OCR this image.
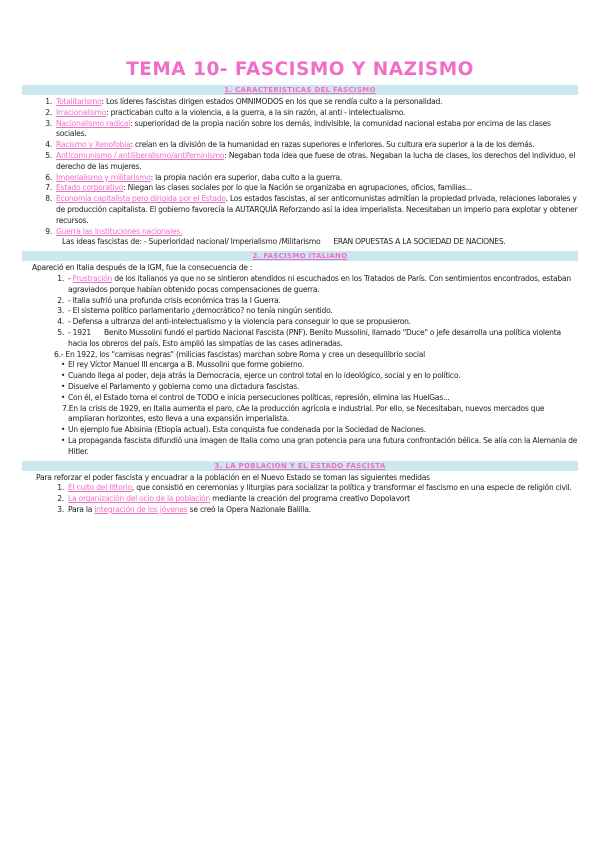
TEMA 10- FASCISMO Y NAZISMO
1. CARACTERISTICAS DEL FASCISMO
1. Totalitarismo: Los líderes fascistas dirigen estados OMNIMODOS en los que se rendía culto a la personalidad.
2. Irracionalismo: practicaban culto a la violencia, a la guerra, a la sin razón, al anti - intelectualismo.
3. Nacionalismo radical: superioridad de la propia nación sobre los demás, indivisible, la comunidad nacional estaba por encima de las clases sociales.
4. Racismo y Xenofobia: creían en la división de la humanidad en razas superiores e inferiores. Su cultura era superior a la de los demás.
5. Anticomunismo / antiliberalismo/antifeminismo: Negaban toda idea que fuese de otras. Negaban la lucha de clases, los derechos del individuo, el derecho de las mujeres.
6. Imperialismo y militarismo: la propia nación era superior, daba culto a la guerra.
7. Estado corporativo: Niegan las clases sociales por lo que la Nación se organizaba en agrupaciones, oficios, familias...
8. Economía capitalista pero dirigida por el Estado. Los estados fascistas, al ser anticomunistas admitían la propiedad privada, relaciones laborales y de producción capitalista. El gobierno favorecía la AUTARQUÍA Reforzando así la idea imperialista. Necesitaban un imperio para explotar y obtener recursos.
9. Guerra las instituciones nacionales.
Las ideas fascistas de: - Superioridad nacional/ Imperialismo /Militarismo      ERAN OPUESTAS A LA SOCIEDAD DE NACIONES.
2. FASCISMO ITALIANO
Apareció en Italia después de la IGM, fue la consecuencia de :
1. - Frustración de los italianos ya que no se sintieron atendidos ni escuchados en los Tratados de París. Con sentimientos encontrados, estaban agraviados porque habían obtenido pocas compensaciones de guerra.
2. - Italia sufrió una profunda crisis económica tras la I Guerra.
3. - El sistema político parlamentario ¿democrático? no tenía ningún sentido.
4. - Defensa a ultranza del anti-intelectualismo y la violencia para conseguir lo que se propusieron.
5. - 1921      Benito Mussolini fundó el partido Nacional Fascista (PNF). Benito Mussolini, llamado "Duce" o jefe desarrolla una política violenta hacia los obreros del país. Esto amplió las simpatías de las cases adineradas.
6.- En 1922, los "camisas negras" (milicias fascistas) marchan sobre Roma y crea un desequilibrio social
• El rey Víctor Manuel III encarga a B. Mussolini que forme gobierno.
• Cuando llega al poder, deja atrás la Democracia, ejerce un control total en lo ideológico, social y en lo político.
• Disuelve el Parlamento y gobierna como una dictadura fascistas.
• Con él, el Estado toma el control de TODO e inicia persecuciones políticas, represión, elimina las HuelGas...
7.En la crisis de 1929, en Italia aumenta el paro, cAe la producción agrícola e industrial. Por ello, se Necesitaban, nuevos mercados que ampliaran horizontes, esto lleva a una expansión imperialista.
• Un ejemplo fue Abisinia (Etiopía actual). Esta conquista fue condenada por la Sociedad de Naciones.
• La propaganda fascista difundió una imagen de Italia como una gran potencia para una futura confrontación bélica. Se alía con la Alemania de Hitler.
3. LA POBLACION Y EL ESTADO FASCISTA
Para reforzar el poder fascista y encuadrar a la población en el Nuevo Estado se toman las siguientes medidas
1. El culto del littorio, que consistió en ceremonias y liturgias para socializar la política y transformar el fascismo en una especie de religión civil.
2. La organización del ocio de la población mediante la creación del programa creativo Dopolavort
3. Para la integración de los jóvenes se creó la Opera Nazionale Balilla.
